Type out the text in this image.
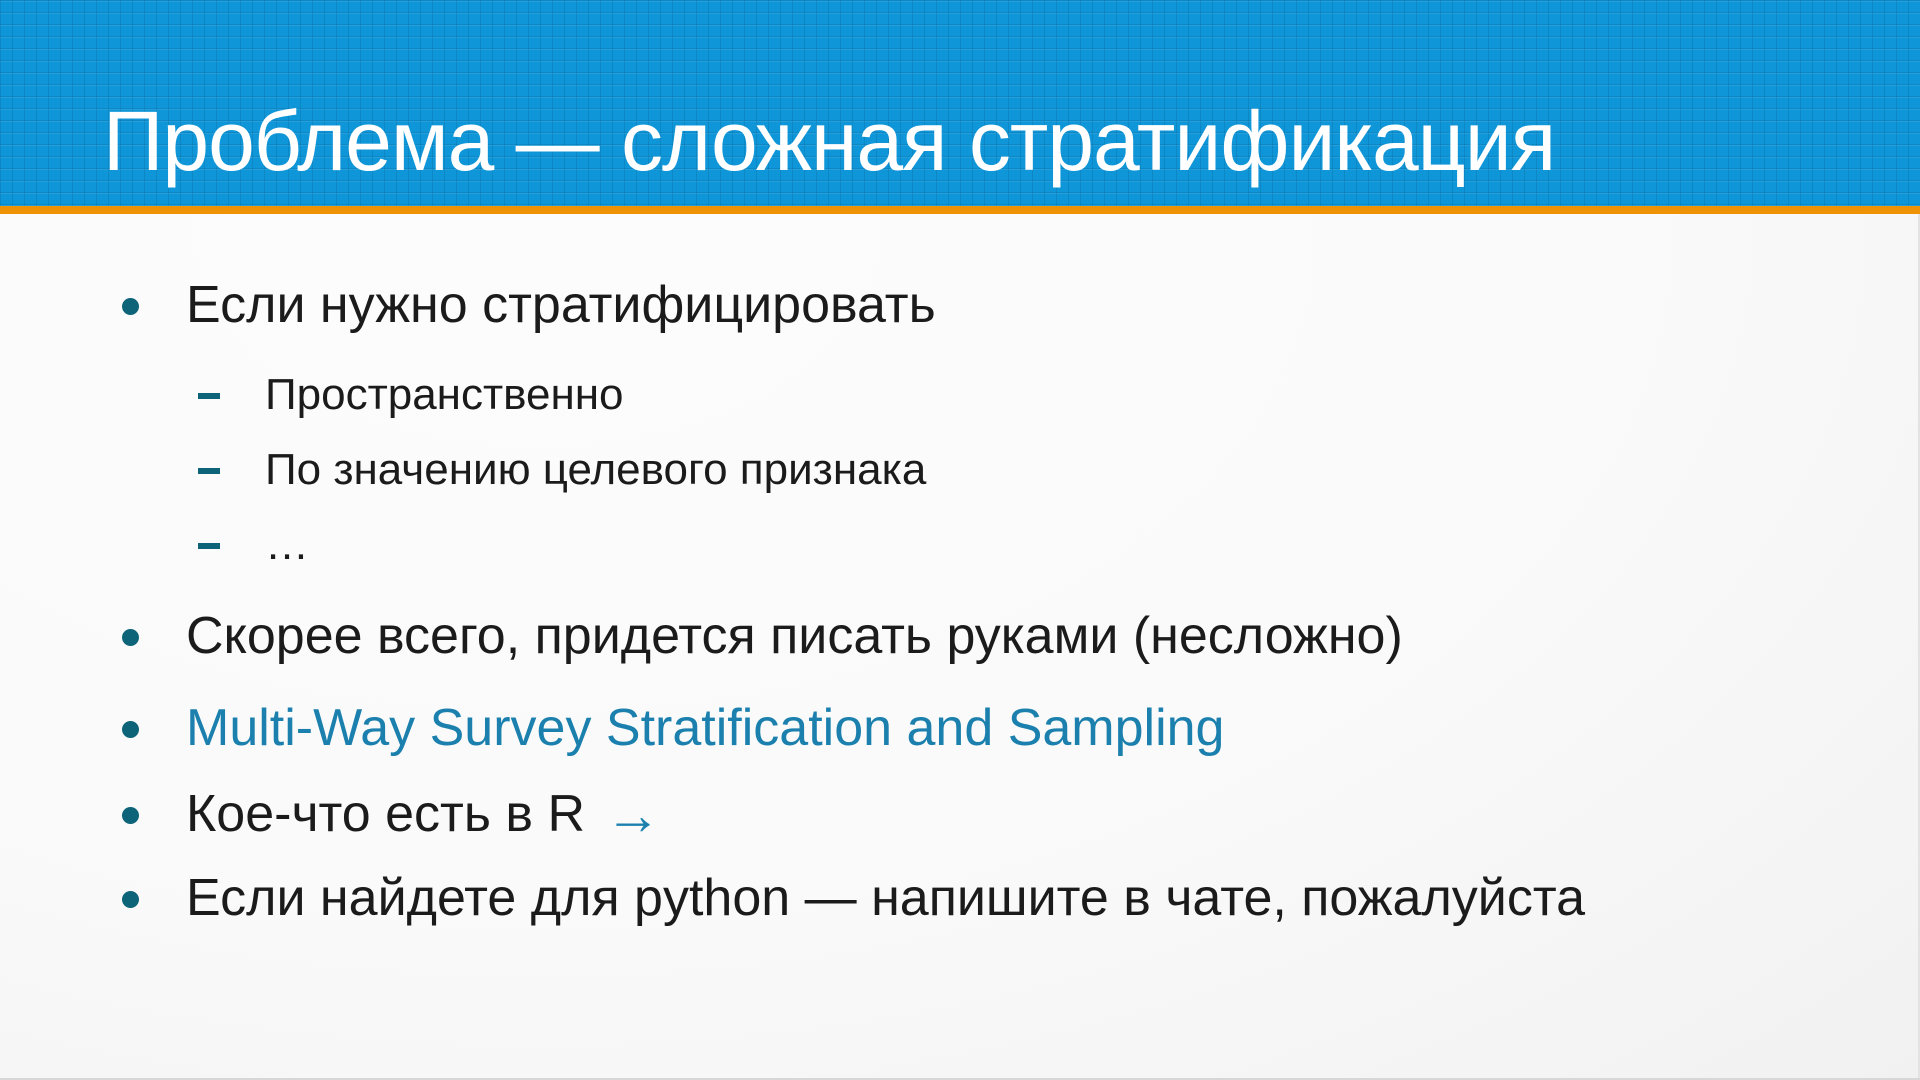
Проблема — сложная стратификация
Если нужно стратифицировать
Пространственно
По значению целевого признака
…
Скорее всего, придется писать руками (несложно)
Multi-Way Survey Stratification and Sampling
Кое-что есть в R →
Если найдете для python — напишите в чате, пожалуйста
